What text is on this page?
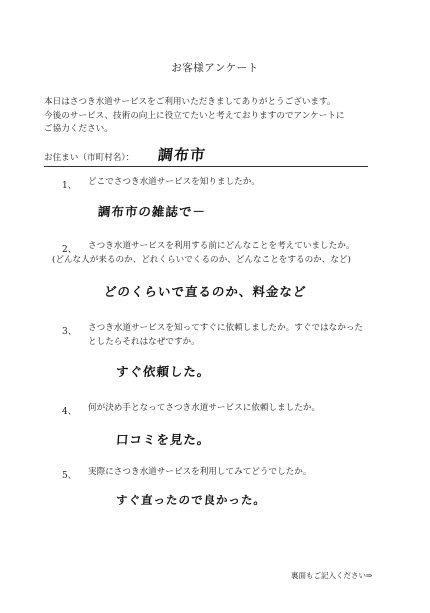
お客様アンケート
本日はさつき水道サービスをご利用いただきましてありがとうございます。
今後のサービス、技術の向上に役立てたいと考えておりますのでアンケートに
ご協力ください。
お住まい（市町村名）： 調布市
1、 どこでさつき水道サービスを知りましたか。
調布市の雑誌で－
2、 さつき水道サービスを利用する前にどんなことを考えていましたか。
(どんな人が来るのか、どれくらいでくるのか、どんなことをするのか、など)
どのくらいで直るのか、料金など
3、 さつき水道サービスを知ってすぐに依頼しましたか。すぐではなかった
としたらそれはなぜですか。
すぐ依頼した。
4、 何が決め手となってさつき水道サービスに依頼しましたか。
口コミを見た。
5、 実際にさつき水道サービスを利用してみてどうでしたか。
すぐ直ったので良かった。
裏面もご記入ください⇒
